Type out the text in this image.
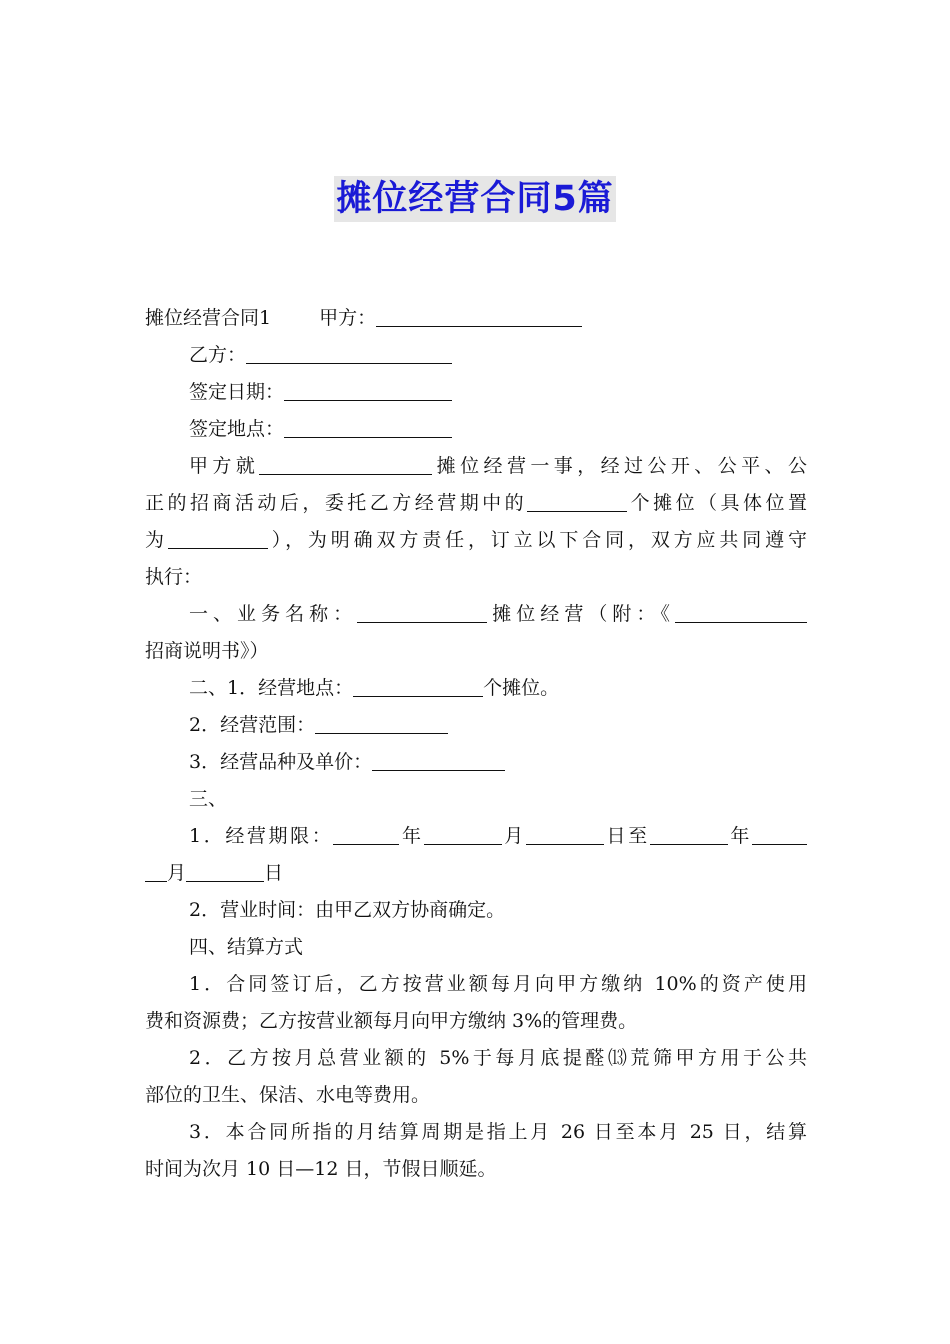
摊位经营合同5篇
摊位经营合同1	甲方：
乙方：
签定日期：
签定地点：
甲方就	摊位经营一事，经过公开、公平、公
正的招商活动后，委托乙方经营期中的	个摊位（具体位置
为	），为明确双方责任，订立以下合同，双方应共同遵守
执行：
一、业务名称：	摊位经营（附：《
招商说明书》）
二、1．经营地点：	个摊位。
2．经营范围：
3．经营品种及单价：
三、
1．经营期限：	年	月	日至	年
月	日
2．营业时间：由甲乙双方协商确定。
四、结算方式
1．合同签订后，乙方按营业额每月向甲方缴纳 10%的资产使用
费和资源费；乙方按营业额每月向甲方缴纳 3%的管理费。
2．乙方按月总营业额的 5%于每月底提醛⒀荒筛甲方用于公共
部位的卫生、保洁、水电等费用。
3．本合同所指的月结算周期是指上月 26 日至本月 25 日，结算
时间为次月 10 日—12 日，节假日顺延。
